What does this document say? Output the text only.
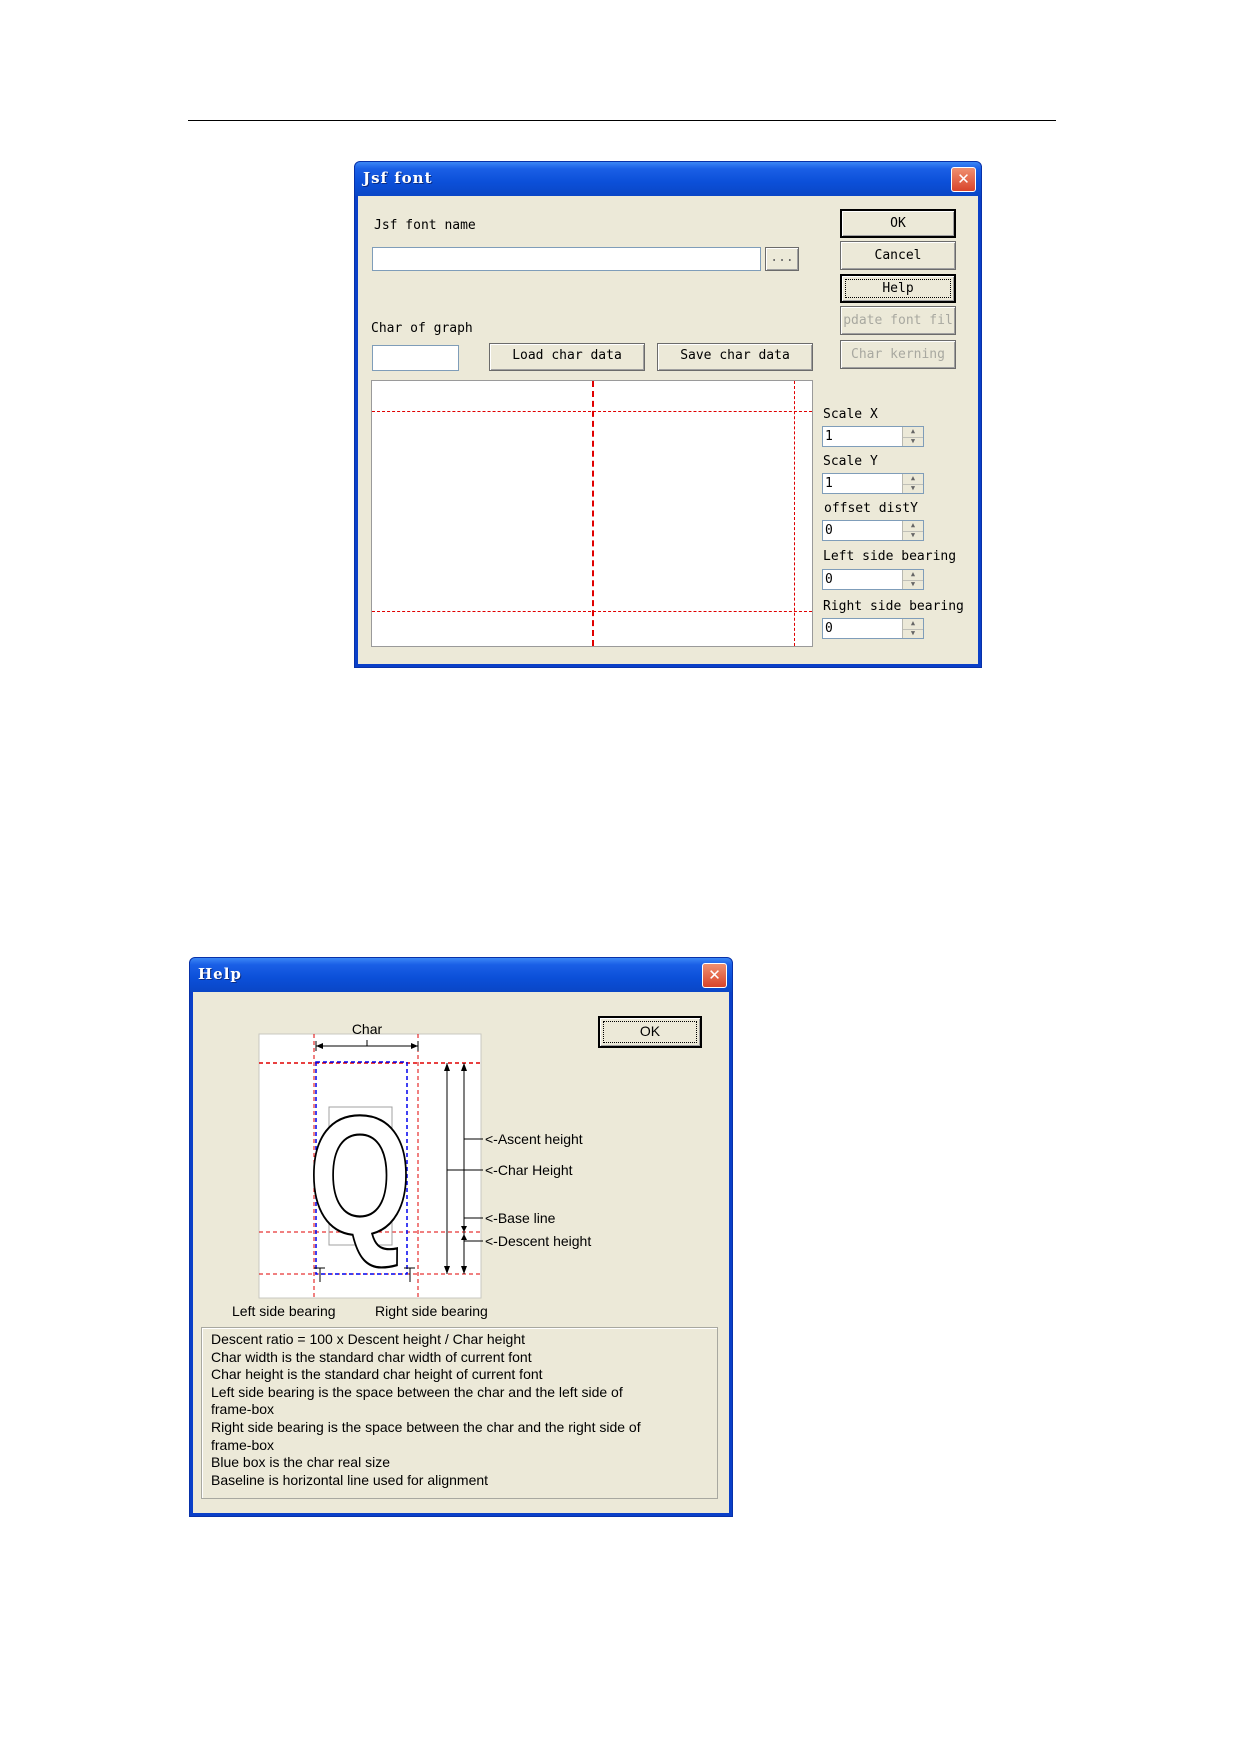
Jsf font	✕
Jsf font name
...
Char of graph
Load char data	Save char data
OK
Cancel
Help
pdate font fil
Char kerning
Scale X
1	▲
▼
Scale Y
1	▲
▼
offset distY
0	▲
▼
Left side bearing
0	▲
▼
Right side bearing
0	▲
▼
Help	✕
OK
Q
Char
<-Ascent height
<-Char Height
<-Base line
<-Descent height
Left side bearing	Right side bearing
Descent ratio = 100 x Descent height / Char height
Char width is the standard char width of current font
Char height is the standard char height of current font
Left side bearing is the space between the char and the left side of
frame-box
Right side bearing is the space between the char and the right side of
frame-box
Blue box is the char real size
Baseline is horizontal line used for alignment
